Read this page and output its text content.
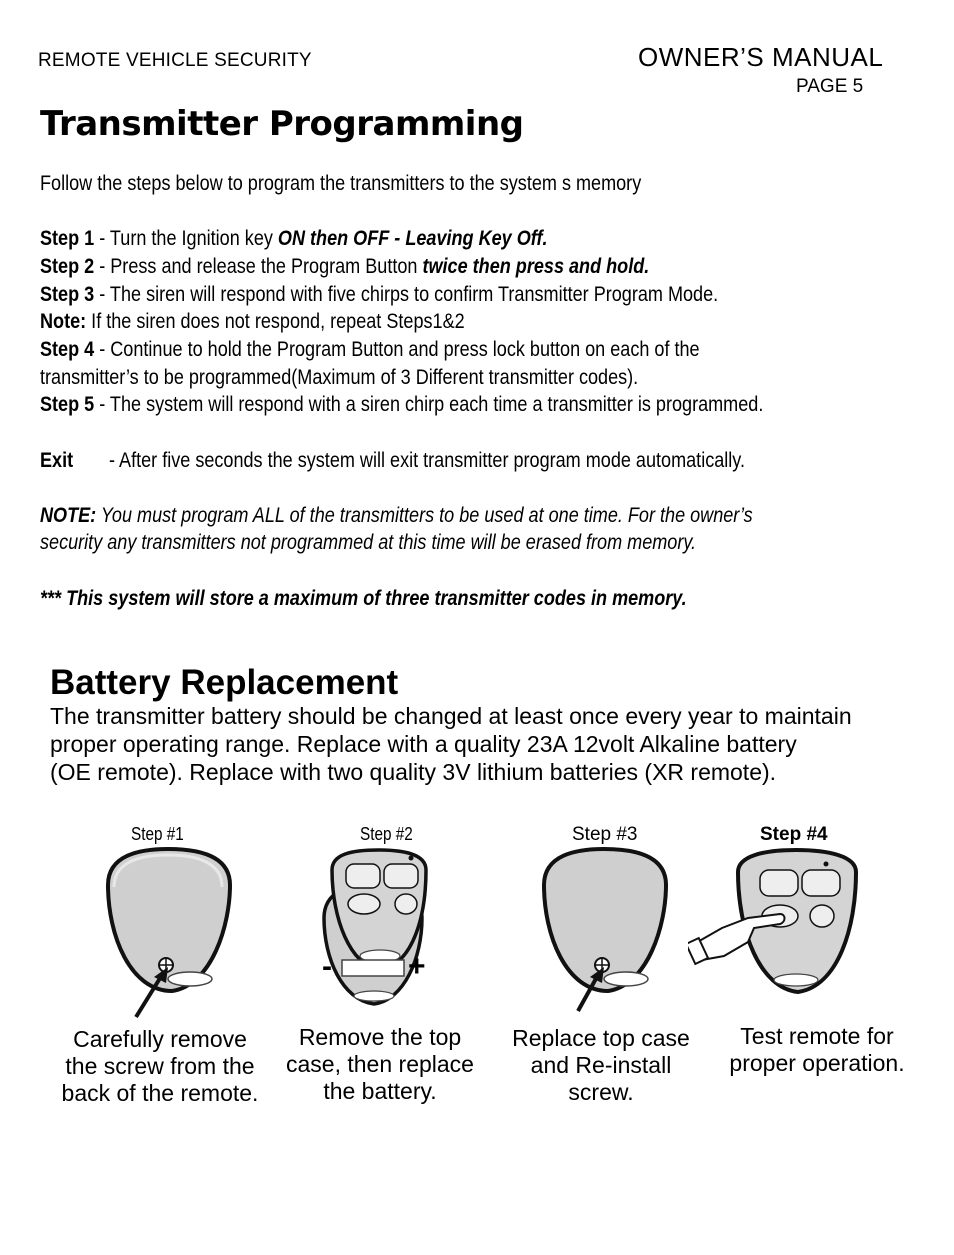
REMOTE VEHICLE SECURITY	OWNER’S MANUAL
PAGE 5
Transmitter Programming
Follow the steps below to program the transmitters to the system s memory
Step 1 - Turn the Ignition key ON then OFF - Leaving Key Off.
Step 2 - Press and release the Program Button twice then press and hold.
Step 3 - The siren will respond with five chirps to confirm Transmitter Program Mode.
Note: If the siren does not respond, repeat Steps1&2
Step 4 - Continue to hold the Program Button and press lock button on each of the
transmitter’s to be programmed(Maximum of 3 Different transmitter codes).
Step 5 - The system will respond with a siren chirp each time a transmitter is programmed.
Exit - After five seconds the system will exit transmitter program mode automatically.
NOTE: You must program ALL of the transmitters to be used at one time. For the owner’s
security any transmitters not programmed at this time will be erased from memory.
*** This system will store a maximum of three transmitter codes in memory.
Battery Replacement
The transmitter battery should be changed at least once every year to maintain
proper operating range. Replace with a quality 23A 12volt Alkaline battery
(OE remote). Replace with two quality 3V lithium batteries (XR remote).
Step #1	Step #2	Step #3	Step #4
-	+
Carefully remove
the screw from the
back of the remote.
Remove the top
case, then replace
the battery.
Replace top case
and Re-install
screw.
Test remote for
proper operation.
